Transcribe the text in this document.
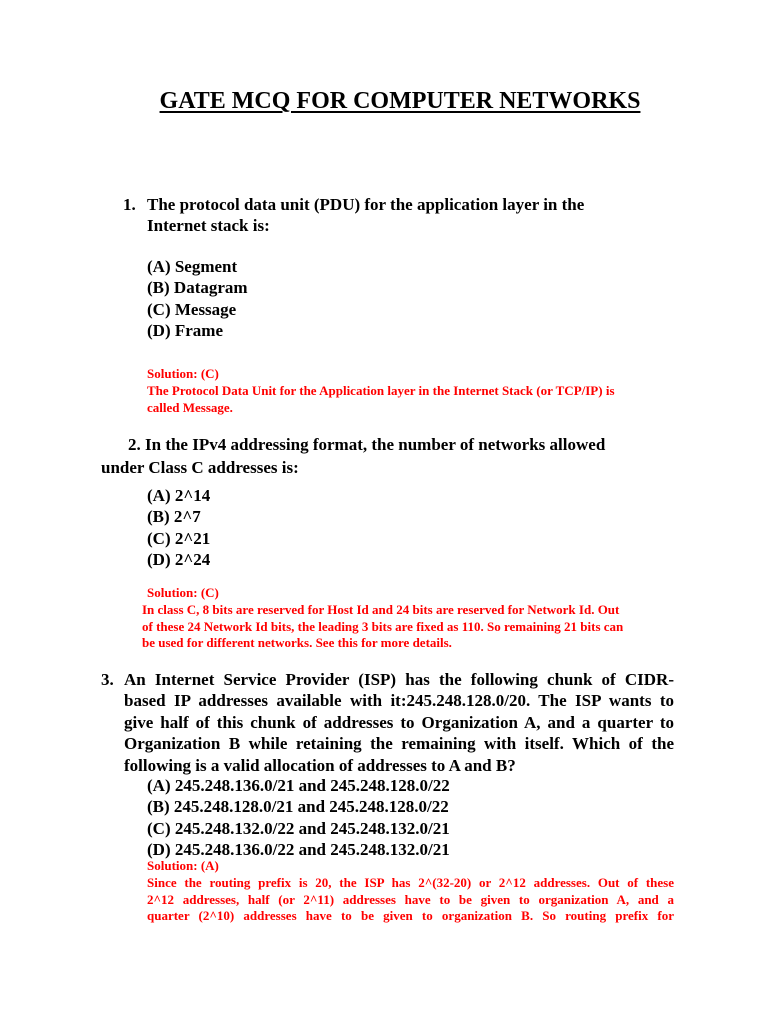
GATE MCQ FOR COMPUTER NETWORKS
1. The protocol data unit (PDU) for the application layer in the
Internet stack is:
(A) Segment
(B) Datagram
(C) Message
(D) Frame
Solution: (C)
The Protocol Data Unit for the Application layer in the Internet Stack (or TCP/IP) is
called Message.
2. In the IPv4 addressing format, the number of networks allowed
under Class C addresses is:
(A) 2^14
(B) 2^7
(C) 2^21
(D) 2^24
Solution: (C)
In class C, 8 bits are reserved for Host Id and 24 bits are reserved for Network Id. Out
of these 24 Network Id bits, the leading 3 bits are fixed as 110. So remaining 21 bits can
be used for different networks. See this for more details.
3. An Internet Service Provider (ISP) has the following chunk of CIDR-
based IP addresses available with it:245.248.128.0/20. The ISP wants to
give half of this chunk of addresses to Organization A, and a quarter to
Organization B while retaining the remaining with itself. Which of the
following is a valid allocation of addresses to A and B?
(A) 245.248.136.0/21 and 245.248.128.0/22
(B) 245.248.128.0/21 and 245.248.128.0/22
(C) 245.248.132.0/22 and 245.248.132.0/21
(D) 245.248.136.0/22 and 245.248.132.0/21
Solution: (A)
Since the routing prefix is 20, the ISP has 2^(32-20) or 2^12 addresses. Out of these
2^12 addresses, half (or 2^11) addresses have to be given to organization A, and a
quarter (2^10) addresses have to be given to organization B. So routing prefix for
